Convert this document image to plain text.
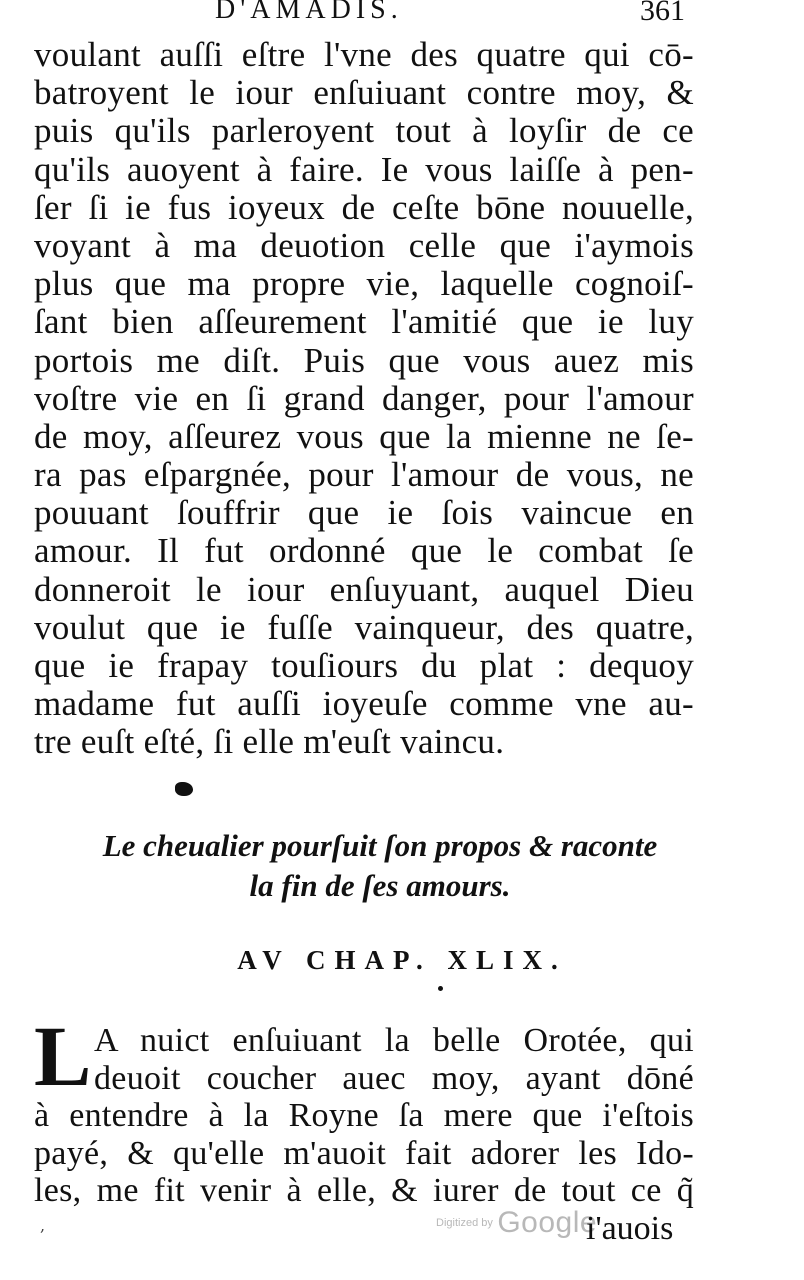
D'AMADIS.	361
voulant auſſi eſtre l'vne des quatre qui cō-
batroyent le iour enſuiuant contre moy, &
puis qu'ils parleroyent tout à loyſir de ce
qu'ils auoyent à faire. Ie vous laiſſe à pen-
ſer ſi ie fus ioyeux de ceſte bōne nouuelle,
voyant à ma deuotion celle que i'aymois
plus que ma propre vie, laquelle cognoiſ-
ſant bien aſſeurement l'amitié que ie luy
portois me diſt. Puis que vous auez mis
voſtre vie en ſi grand danger, pour l'amour
de moy, aſſeurez vous que la mienne ne ſe-
ra pas eſpargnée, pour l'amour de vous, ne
pouuant ſouffrir que ie ſois vaincue en
amour. Il fut ordonné que le combat ſe
donneroit le iour enſuyuant, auquel Dieu
voulut que ie fuſſe vainqueur, des quatre,
que ie frapay touſiours du plat : dequoy
madame fut auſſi ioyeuſe comme vne au-
tre euſt eſté, ſi elle m'euſt vaincu.
Le cheualier pourſuit ſon propos & raconte
la fin de ſes amours.
AV CHAP. XLIX.
L A nuict enſuiuant la belle Orotée, qui
deuoit coucher auec moy, ayant dōné
à entendre à la Royne ſa mere que i'eſtois
payé, & qu'elle m'auoit fait adorer les Ido-
les, me fit venir à elle, & iurer de tout ce q̃
,	Digitized by Google
i'auois
